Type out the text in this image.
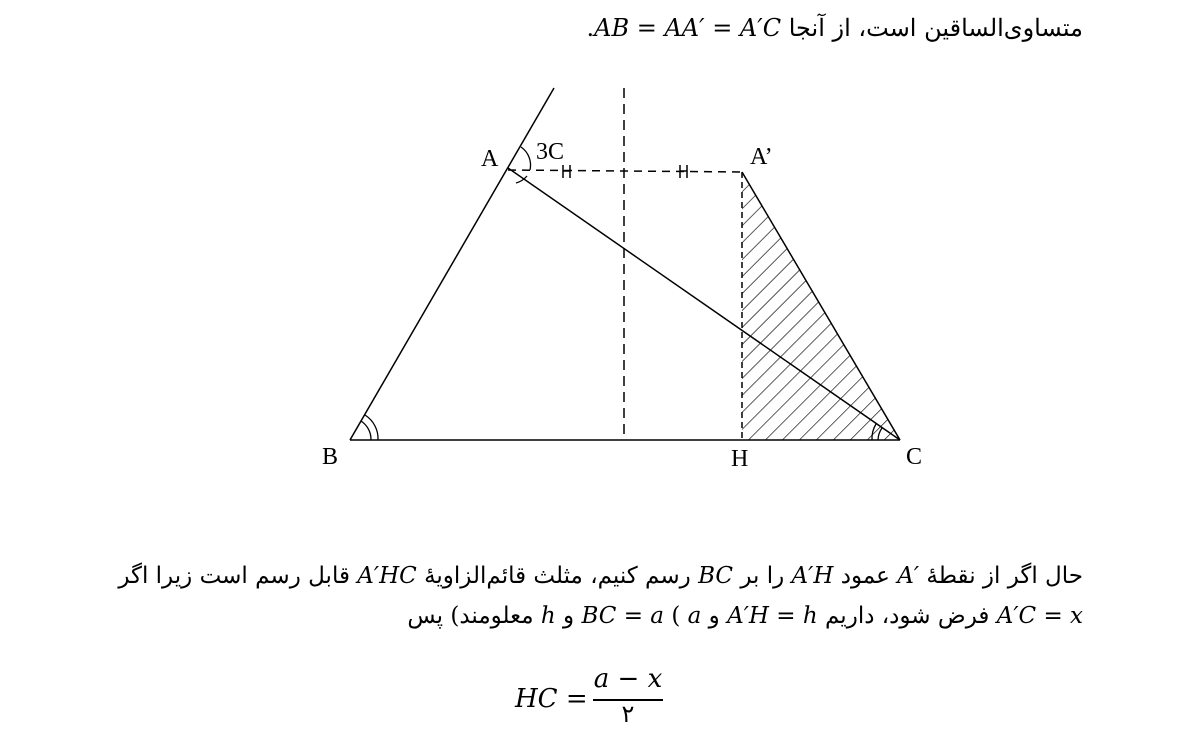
متساوی‌الساقین است، از آنجا AB = AA′ = A′C.
A 3C	A’
B	H	C
حال اگر از نقطهٔ A′ عمود A′H را بر BC رسم کنیم، مثلث قائم‌الزاویهٔ A′HC قابل رسم است زیرا اگر A′C = x فرض شود، داریم A′H = h و BC = a ( a و h معلومند) پس
HC =
a − x
۲
